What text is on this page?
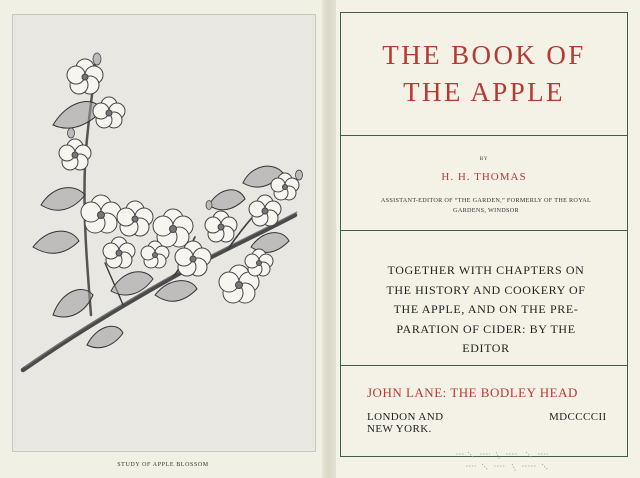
STUDY OF APPLE BLOSSOM
THE BOOK OF
THE APPLE
BY
H. H. THOMAS
ASSISTANT-EDITOR OF “THE GARDEN,” FORMERLY OF THE ROYAL
GARDENS, WINDSOR
TOGETHER WITH CHAPTERS ON
THE HISTORY AND COOKERY OF
THE APPLE, AND ON THE PRE-
PARATION OF CIDER: BY THE
EDITOR
JOHN LANE: THE BODLEY HEAD
LONDON AND NEW YORK.
MDCCCCII
